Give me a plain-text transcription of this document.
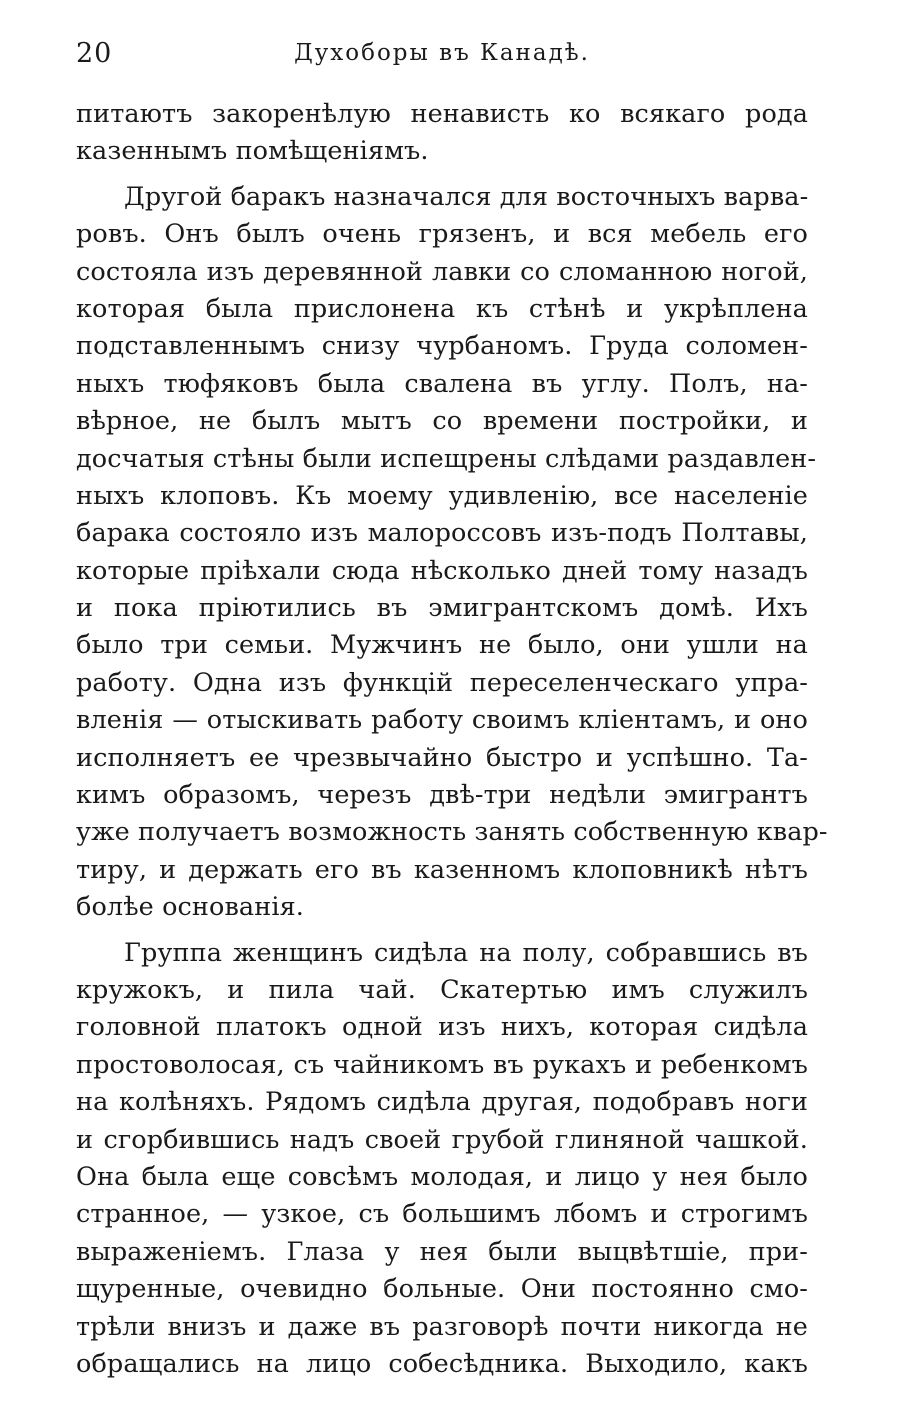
20	Духоборы въ Канадѣ.
питаютъ закоренѣлую ненависть ко всякаго рода
казеннымъ помѣщеніямъ.
Другой баракъ назначался для восточныхъ варва-
ровъ. Онъ былъ очень грязенъ, и вся мебель его
состояла изъ деревянной лавки со сломанною ногой,
которая была прислонена къ стѣнѣ и укрѣплена
подставленнымъ снизу чурбаномъ. Груда соломен-
ныхъ тюфяковъ была свалена въ углу. Полъ, на-
вѣрное, не былъ мытъ со времени постройки, и
досчатыя стѣны были испещрены слѣдами раздавлен-
ныхъ клоповъ. Къ моему удивленію, все населеніе
барака состояло изъ малороссовъ изъ-подъ Полтавы,
которые пріѣхали сюда нѣсколько дней тому назадъ
и пока пріютились въ эмигрантскомъ домѣ. Ихъ
было три семьи. Мужчинъ не было, они ушли на
работу. Одна изъ функцій переселенческаго упра-
вленія — отыскивать работу своимъ кліентамъ, и оно
исполняетъ ее чрезвычайно быстро и успѣшно. Та-
кимъ образомъ, черезъ двѣ-три недѣли эмигрантъ
уже получаетъ возможность занять собственную квар-
тиру, и держать его въ казенномъ клоповникѣ нѣтъ
болѣе основанія.
Группа женщинъ сидѣла на полу, собравшись въ
кружокъ, и пила чай. Скатертью имъ служилъ
головной платокъ одной изъ нихъ, которая сидѣла
простоволосая, съ чайникомъ въ рукахъ и ребенкомъ
на колѣняхъ. Рядомъ сидѣла другая, подобравъ ноги
и сгорбившись надъ своей грубой глиняной чашкой.
Она была еще совсѣмъ молодая, и лицо у нея было
странное, — узкое, съ большимъ лбомъ и строгимъ
выраженіемъ. Глаза у нея были выцвѣтшіе, при-
щуренные, очевидно больные. Они постоянно смо-
трѣли внизъ и даже въ разговорѣ почти никогда не
обращались на лицо собесѣдника. Выходило, какъ
